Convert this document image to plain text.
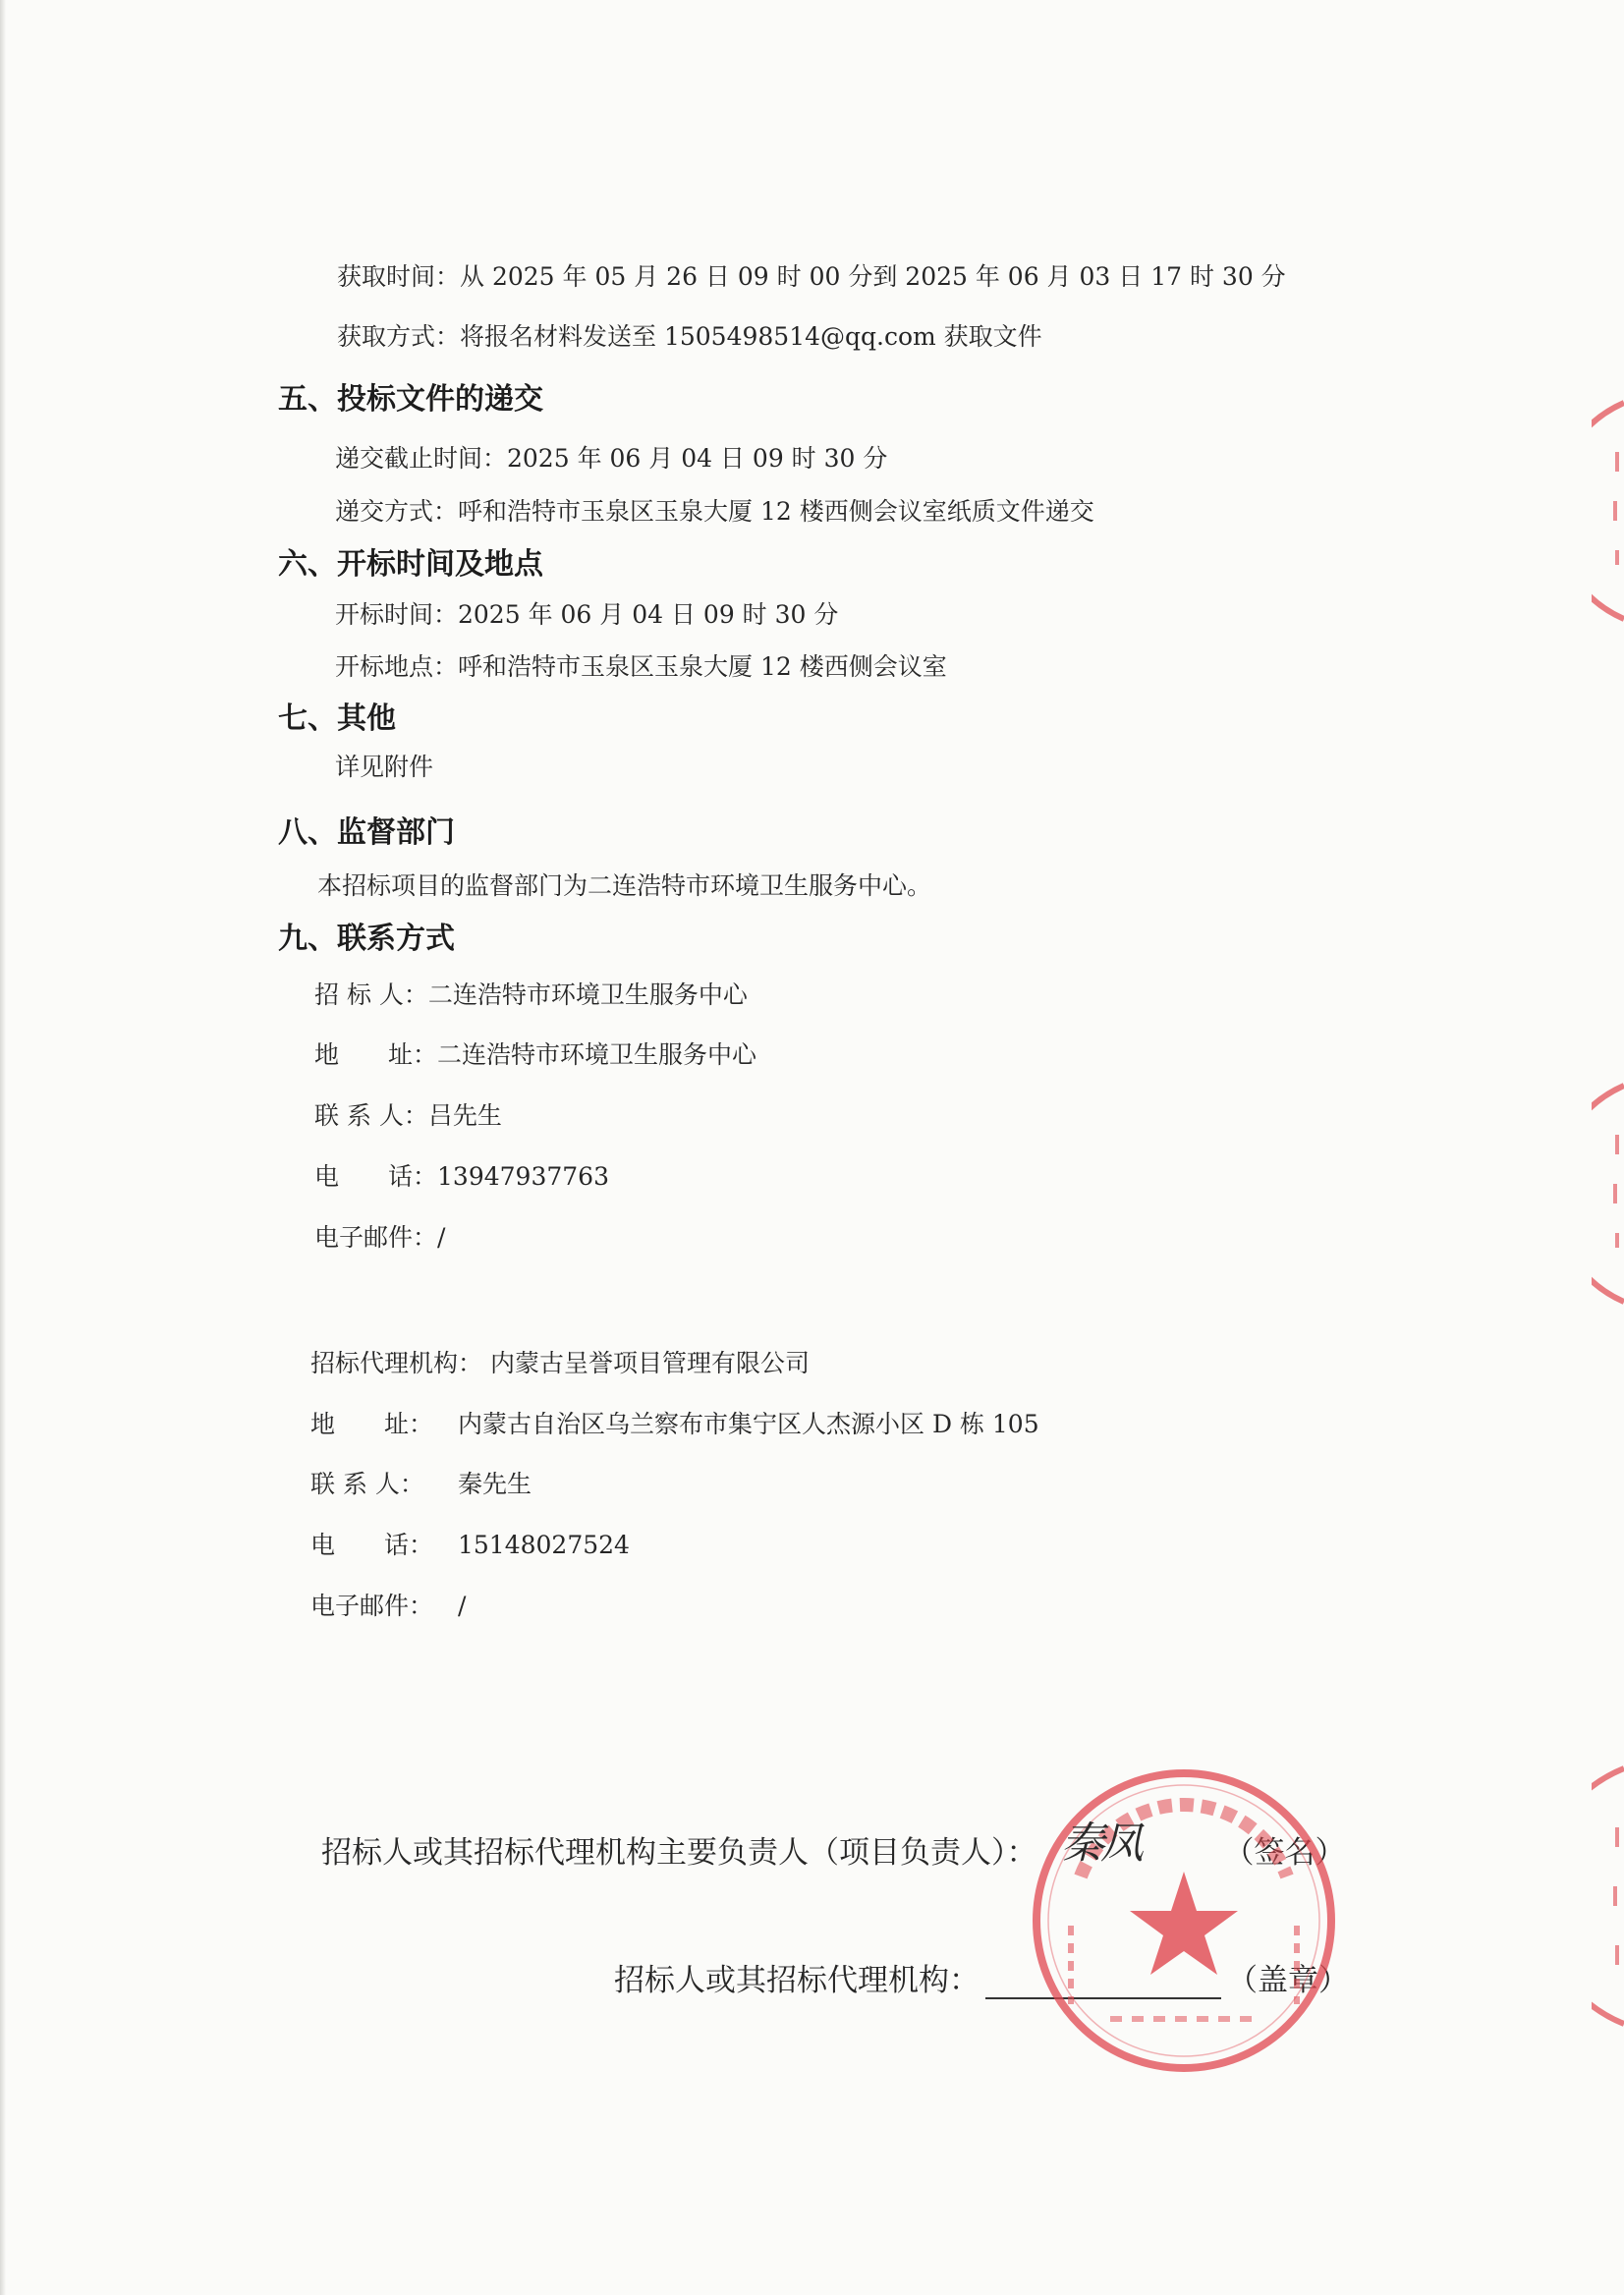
获取时间：从 2025 年 05 月 26 日 09 时 00 分到 2025 年 06 月 03 日 17 时 30 分
获取方式：将报名材料发送至 1505498514@qq.com 获取文件
五、投标文件的递交
递交截止时间：2025 年 06 月 04 日 09 时 30 分
递交方式：呼和浩特市玉泉区玉泉大厦 12 楼西侧会议室纸质文件递交
六、开标时间及地点
开标时间：2025 年 06 月 04 日 09 时 30 分
开标地点：呼和浩特市玉泉区玉泉大厦 12 楼西侧会议室
七、其他
详见附件
八、监督部门
本招标项目的监督部门为二连浩特市环境卫生服务中心。
九、联系方式
招 标 人：二连浩特市环境卫生服务中心
地　　址：二连浩特市环境卫生服务中心
联 系 人：吕先生
电　　话：13947937763
电子邮件：/
招标代理机构： 内蒙古呈誉项目管理有限公司
地　　址： 内蒙古自治区乌兰察布市集宁区人杰源小区 D 栋 105
联 系 人： 秦先生
电　　话： 15148027524
电子邮件： /
招标人或其招标代理机构主要负责人（项目负责人）：	（签名）
招标人或其招标代理机构：	（盖章）
秦凤
